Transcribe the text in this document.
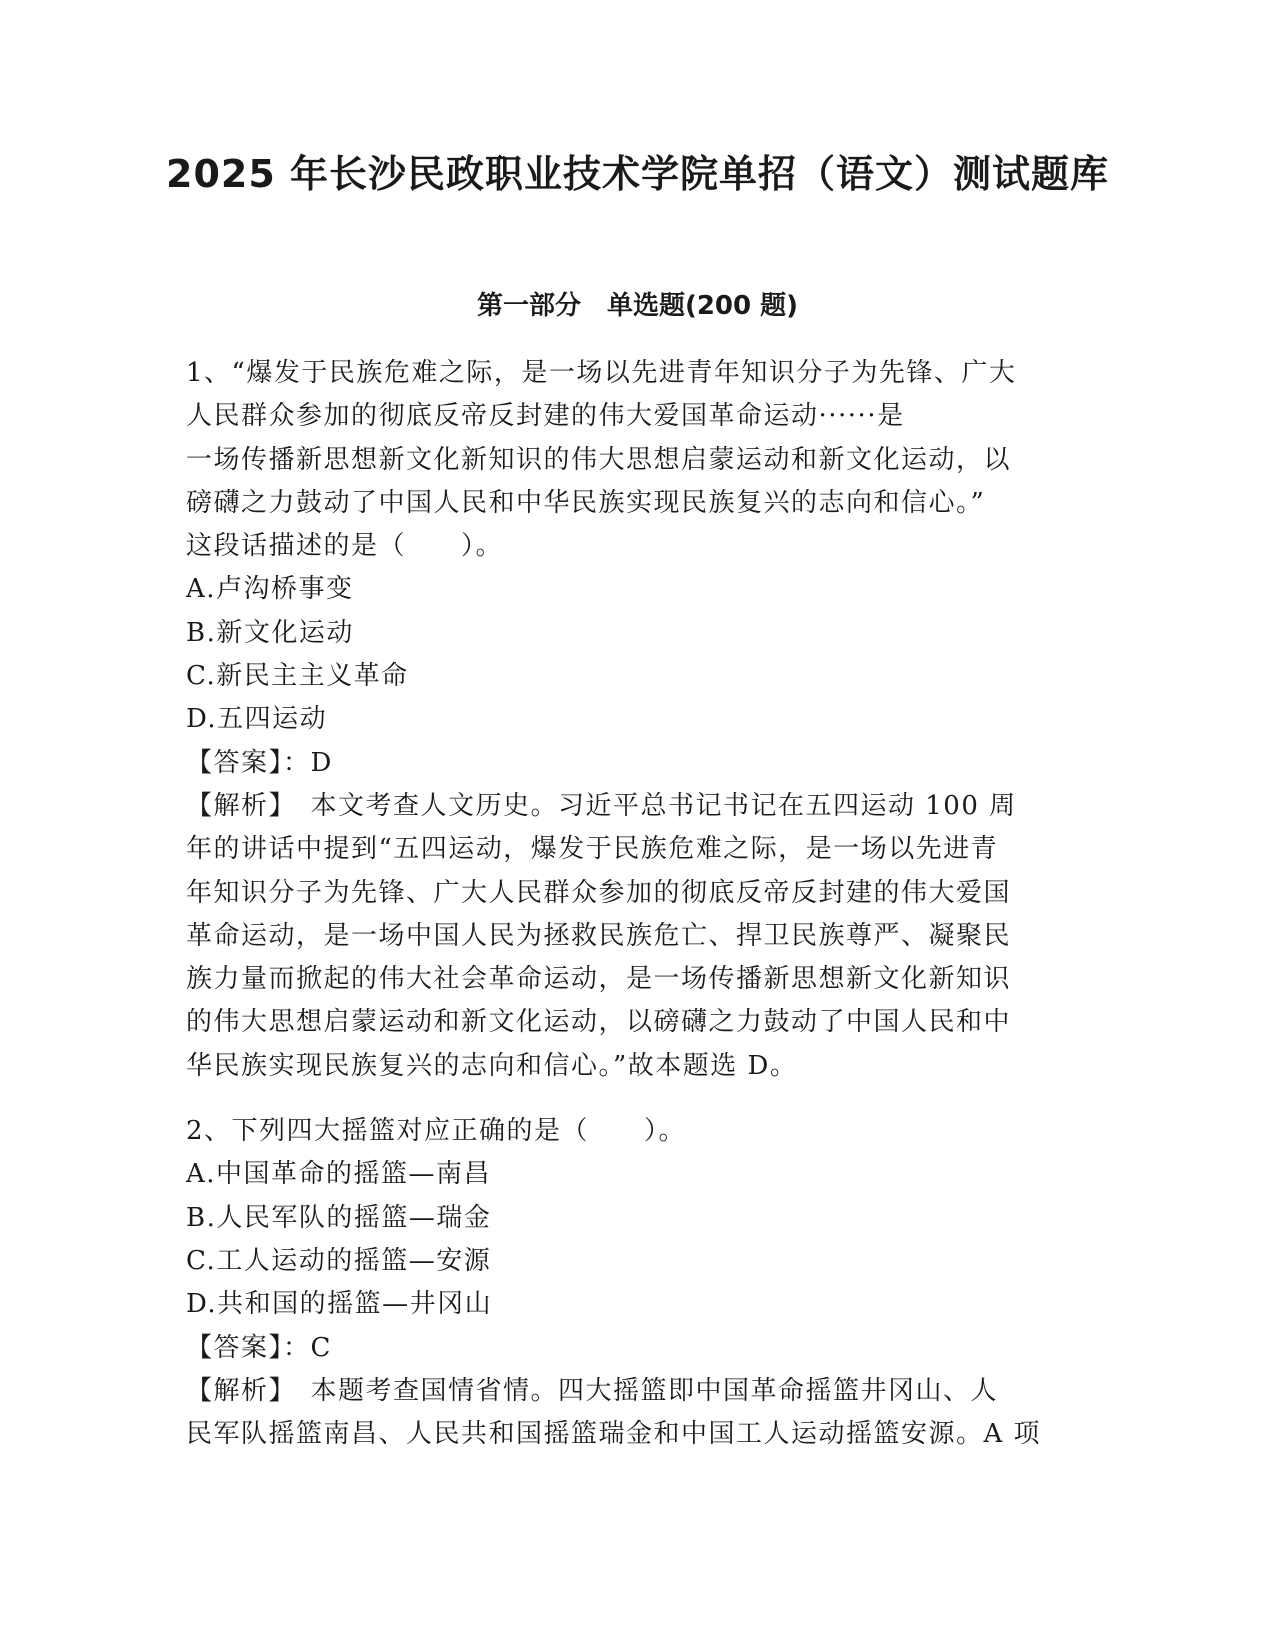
2025 年长沙民政职业技术学院单招（语文）测试题库
第一部分　单选题(200 题)
1、“爆发于民族危难之际，是一场以先进青年知识分子为先锋、广大
人民群众参加的彻底反帝反封建的伟大爱国革命运动······是
一场传播新思想新文化新知识的伟大思想启蒙运动和新文化运动，以
磅礴之力鼓动了中国人民和中华民族实现民族复兴的志向和信心。”
这段话描述的是（　　）。
A.卢沟桥事变
B.新文化运动
C.新民主主义革命
D.五四运动
【答案】：D
【解析】　本文考查人文历史。习近平总书记书记在五四运动 100 周
年的讲话中提到“五四运动，爆发于民族危难之际，是一场以先进青
年知识分子为先锋、广大人民群众参加的彻底反帝反封建的伟大爱国
革命运动，是一场中国人民为拯救民族危亡、捍卫民族尊严、凝聚民
族力量而掀起的伟大社会革命运动，是一场传播新思想新文化新知识
的伟大思想启蒙运动和新文化运动，以磅礴之力鼓动了中国人民和中
华民族实现民族复兴的志向和信心。”故本题选 D。
2、下列四大摇篮对应正确的是（　　）。
A.中国革命的摇篮—南昌
B.人民军队的摇篮—瑞金
C.工人运动的摇篮—安源
D.共和国的摇篮—井冈山
【答案】：C
【解析】　本题考查国情省情。四大摇篮即中国革命摇篮井冈山、人
民军队摇篮南昌、人民共和国摇篮瑞金和中国工人运动摇篮安源。A 项
